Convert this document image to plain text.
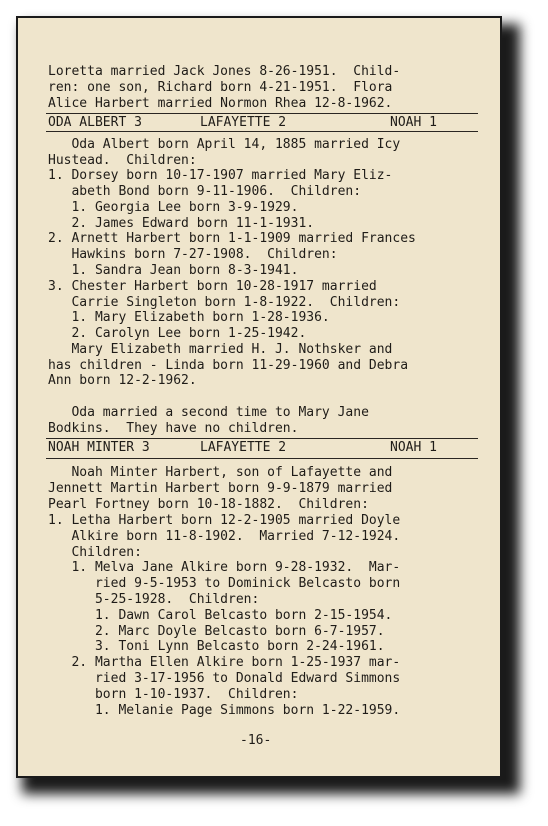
Loretta married Jack Jones 8-26-1951.  Child-
ren: one son, Richard born 4-21-1951.  Flora
Alice Harbert married Normon Rhea 12-8-1962.
ODA ALBERT 3	LAFAYETTE 2	NOAH 1
Oda Albert born April 14, 1885 married Icy
Hustead.  Children:
1. Dorsey born 10-17-1907 married Mary Eliz-
abeth Bond born 9-11-1906.  Children:
1. Georgia Lee born 3-9-1929.
2. James Edward born 11-1-1931.
2. Arnett Harbert born 1-1-1909 married Frances
Hawkins born 7-27-1908.  Children:
1. Sandra Jean born 8-3-1941.
3. Chester Harbert born 10-28-1917 married
Carrie Singleton born 1-8-1922.  Children:
1. Mary Elizabeth born 1-28-1936.
2. Carolyn Lee born 1-25-1942.
Mary Elizabeth married H. J. Nothsker and
has children - Linda born 11-29-1960 and Debra
Ann born 12-2-1962.
Oda married a second time to Mary Jane
Bodkins.  They have no children.
NOAH MINTER 3	LAFAYETTE 2	NOAH 1
Noah Minter Harbert, son of Lafayette and
Jennett Martin Harbert born 9-9-1879 married
Pearl Fortney born 10-18-1882.  Children:
1. Letha Harbert born 12-2-1905 married Doyle
Alkire born 11-8-1902.  Married 7-12-1924.
Children:
1. Melva Jane Alkire born 9-28-1932.  Mar-
ried 9-5-1953 to Dominick Belcasto born
5-25-1928.  Children:
1. Dawn Carol Belcasto born 2-15-1954.
2. Marc Doyle Belcasto born 6-7-1957.
3. Toni Lynn Belcasto born 2-24-1961.
2. Martha Ellen Alkire born 1-25-1937 mar-
ried 3-17-1956 to Donald Edward Simmons
born 1-10-1937.  Children:
1. Melanie Page Simmons born 1-22-1959.
-16-
